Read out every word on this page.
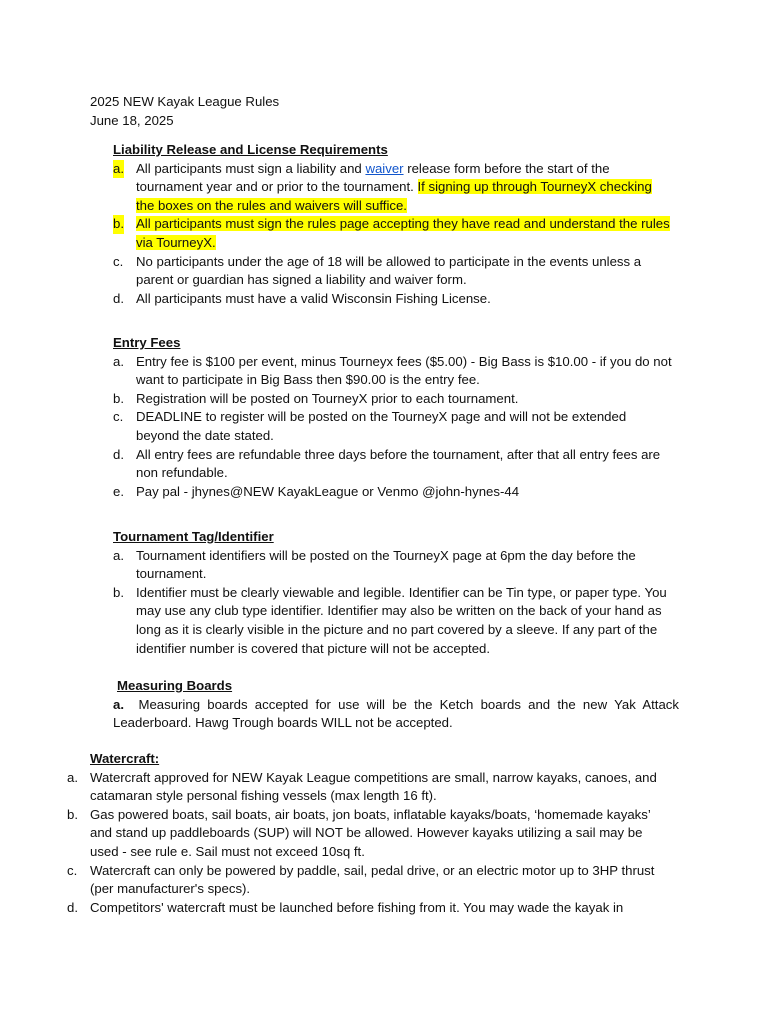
2025 NEW Kayak League Rules
June 18, 2025
Liability Release and License Requirements
a. All participants must sign a liability and waiver release form before the start of the tournament year and or prior to the tournament. If signing up through TourneyX checking the boxes on the rules and waivers will suffice.
b. All participants must sign the rules page accepting they have read and understand the rules via TourneyX.
c. No participants under the age of 18 will be allowed to participate in the events unless a parent or guardian has signed a liability and waiver form.
d. All participants must have a valid Wisconsin Fishing License.
Entry Fees
a. Entry fee is $100 per event, minus Tourneyx fees ($5.00) - Big Bass is $10.00 - if you do not want to participate in Big Bass then $90.00 is the entry fee.
b. Registration will be posted on TourneyX prior to each tournament.
c. DEADLINE to register will be posted on the TourneyX page and will not be extended beyond the date stated.
d. All entry fees are refundable three days before the tournament, after that all entry fees are non refundable.
e. Pay pal - jhynes@NEW KayakLeague or Venmo @john-hynes-44
Tournament Tag/Identifier
a. Tournament identifiers will be posted on the TourneyX page at 6pm the day before the tournament.
b. Identifier must be clearly viewable and legible. Identifier can be Tin type, or paper type. You may use any club type identifier. Identifier may also be written on the back of your hand as long as it is clearly visible in the picture and no part covered by a sleeve. If any part of the identifier number is covered that picture will not be accepted.
Measuring Boards
a. Measuring boards accepted for use will be the Ketch boards and the new Yak Attack Leaderboard. Hawg Trough boards WILL not be accepted.
Watercraft:
a. Watercraft approved for NEW Kayak League competitions are small, narrow kayaks, canoes, and catamaran style personal fishing vessels (max length 16 ft).
b. Gas powered boats, sail boats, air boats, jon boats, inflatable kayaks/boats, ‘homemade kayaks’ and stand up paddleboards (SUP) will NOT be allowed. However kayaks utilizing a sail may be used - see rule e. Sail must not exceed 10sq ft.
c. Watercraft can only be powered by paddle, sail, pedal drive, or an electric motor up to 3HP thrust (per manufacturer's specs).
d. Competitors' watercraft must be launched before fishing from it. You may wade the kayak in
